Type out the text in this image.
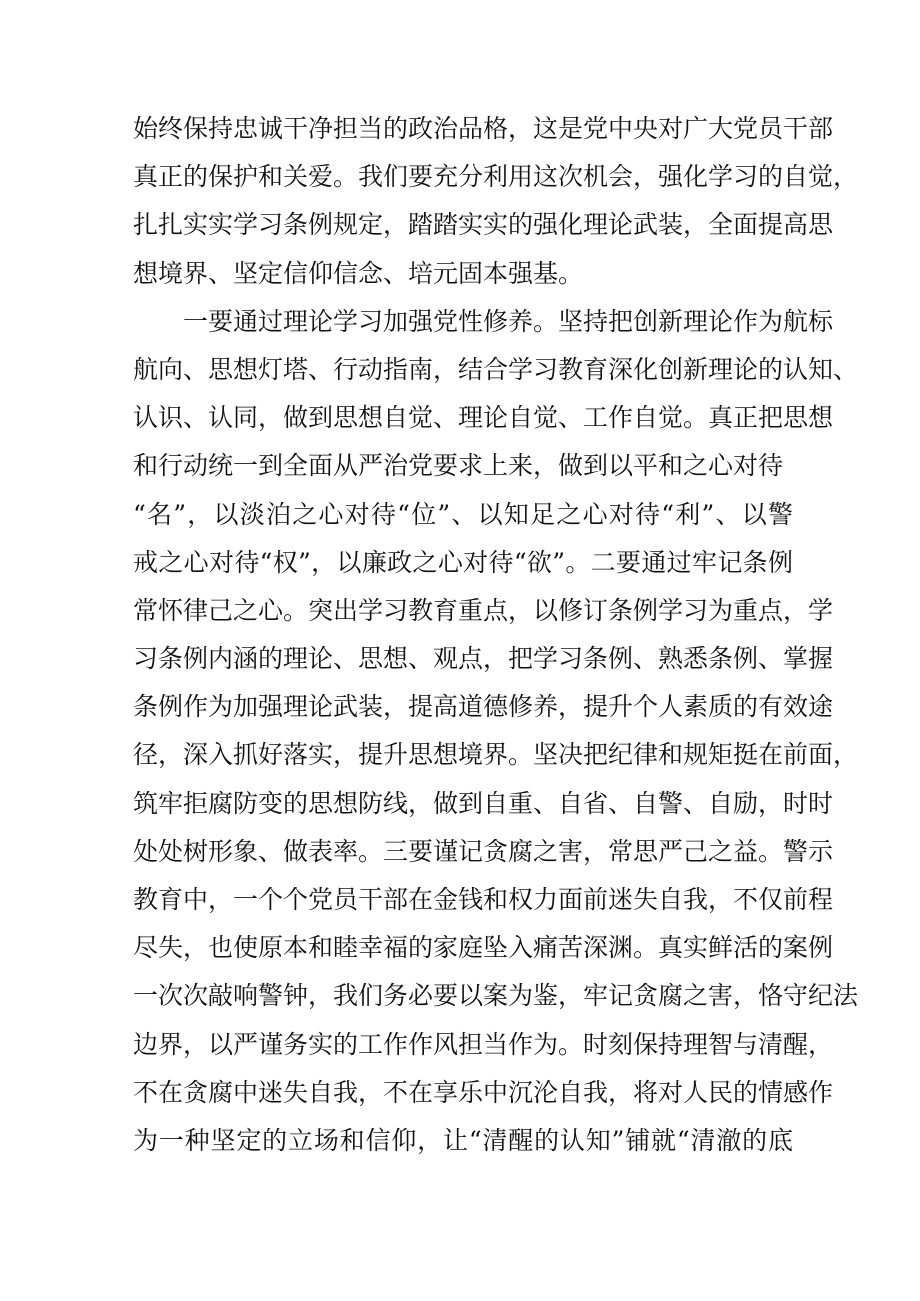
始终保持忠诚干净担当的政治品格，这是党中央对广大党员干部
真正的保护和关爱。我们要充分利用这次机会，强化学习的自觉，
扎扎实实学习条例规定，踏踏实实的强化理论武装，全面提高思
想境界、坚定信仰信念、培元固本强基。
一要通过理论学习加强党性修养。坚持把创新理论作为航标
航向、思想灯塔、行动指南，结合学习教育深化创新理论的认知、
认识、认同，做到思想自觉、理论自觉、工作自觉。真正把思想
和行动统一到全面从严治党要求上来，做到以平和之心对待
“名”，以淡泊之心对待“位”、以知足之心对待“利”、以警
戒之心对待“权”，以廉政之心对待“欲”。二要通过牢记条例
常怀律己之心。突出学习教育重点，以修订条例学习为重点，学
习条例内涵的理论、思想、观点，把学习条例、熟悉条例、掌握
条例作为加强理论武装，提高道德修养，提升个人素质的有效途
径，深入抓好落实，提升思想境界。坚决把纪律和规矩挺在前面，
筑牢拒腐防变的思想防线，做到自重、自省、自警、自励，时时
处处树形象、做表率。三要谨记贪腐之害，常思严己之益。警示
教育中，一个个党员干部在金钱和权力面前迷失自我，不仅前程
尽失，也使原本和睦幸福的家庭坠入痛苦深渊。真实鲜活的案例
一次次敲响警钟，我们务必要以案为鉴，牢记贪腐之害，恪守纪法
边界，以严谨务实的工作作风担当作为。时刻保持理智与清醒，
不在贪腐中迷失自我，不在享乐中沉沦自我，将对人民的情感作
为一种坚定的立场和信仰，让“清醒的认知”铺就“清澈的底
